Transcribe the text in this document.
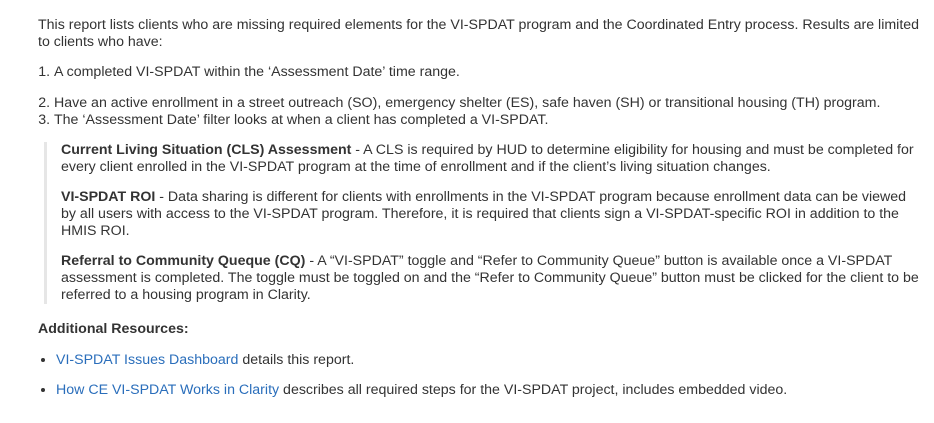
This report lists clients who are missing required elements for the VI-SPDAT program and the Coordinated Entry process. Results are limited to clients who have:

1. A completed VI-SPDAT within the ‘Assessment Date’ time range.
2. Have an active enrollment in a street outreach (SO), emergency shelter (ES), safe haven (SH) or transitional housing (TH) program.
3. The ‘Assessment Date’ filter looks at when a client has completed a VI-SPDAT.

Current Living Situation (CLS) Assessment - A CLS is required by HUD to determine eligibility for housing and must be completed for every client enrolled in the VI-SPDAT program at the time of enrollment and if the client’s living situation changes.

VI-SPDAT ROI - Data sharing is different for clients with enrollments in the VI-SPDAT program because enrollment data can be viewed by all users with access to the VI-SPDAT program. Therefore, it is required that clients sign a VI-SPDAT-specific ROI in addition to the HMIS ROI.

Referral to Community Queque (CQ) - A “VI-SPDAT” toggle and “Refer to Community Queue” button is available once a VI-SPDAT assessment is completed. The toggle must be toggled on and the “Refer to Community Queue” button must be clicked for the client to be referred to a housing program in Clarity.

Additional Resources:

• VI-SPDAT Issues Dashboard details this report.
• How CE VI-SPDAT Works in Clarity describes all required steps for the VI-SPDAT project, includes embedded video.
